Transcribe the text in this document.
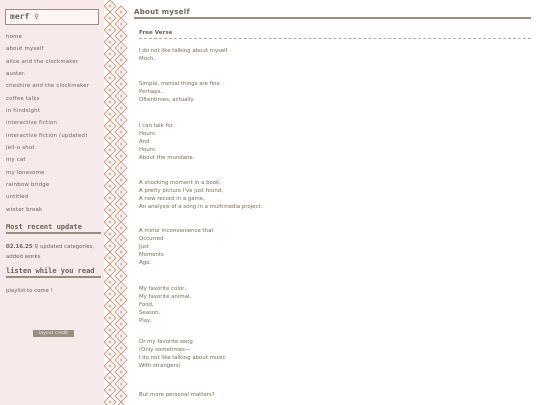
merf ♀
home
about myself
alice and the clockmaker
auster.
cheshire and the clockmaker
coffee talks
in hindsight
interactive fiction
interactive fiction (updated)
jell-o shot
my cat
my lonesome
rainbow bridge
untitled
winter break
Most recent update
02.16.25 ♀ updated categories, added works
listen while you read
playlist to come !
layout credit
About myself
Free Verse
I do not like talking about myself
Much.
Simple, menial things are fine
Perhaps..
Oftentimes, actually.
I can talk for
Hours
And
Hours
About the mundane.
A shocking moment in a book,
A pretty picture I've just found,
A new record in a game,
An analysis of a song in a multimedia project.
A minor inconvenience that
Occurred
Just
Moments
Ago.
My favorite color,
My favorite animal,
Food,
Season,
Play,
Or my favorite song
(Only sometimes—
I do not like talking about music
With strangers)
But more personal matters?
